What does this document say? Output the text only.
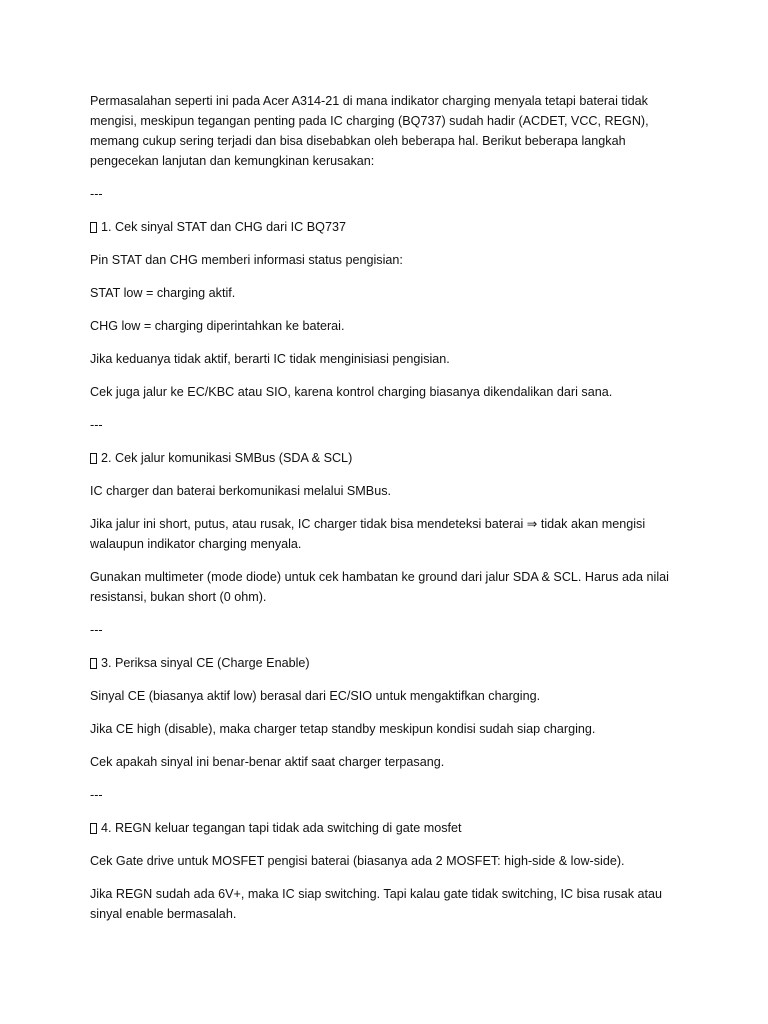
Permasalahan seperti ini pada Acer A314-21 di mana indikator charging menyala tetapi baterai tidak mengisi, meskipun tegangan penting pada IC charging (BQ737) sudah hadir (ACDET, VCC, REGN), memang cukup sering terjadi dan bisa disebabkan oleh beberapa hal. Berikut beberapa langkah pengecekan lanjutan dan kemungkinan kerusakan:

---
1. Cek sinyal STAT dan CHG dari IC BQ737

Pin STAT dan CHG memberi informasi status pengisian:

STAT low = charging aktif.

CHG low = charging diperintahkan ke baterai.

Jika keduanya tidak aktif, berarti IC tidak menginisiasi pengisian.

Cek juga jalur ke EC/KBC atau SIO, karena kontrol charging biasanya dikendalikan dari sana.

---
2. Cek jalur komunikasi SMBus (SDA & SCL)

IC charger dan baterai berkomunikasi melalui SMBus.

Jika jalur ini short, putus, atau rusak, IC charger tidak bisa mendeteksi baterai ⇒ tidak akan mengisi walaupun indikator charging menyala.

Gunakan multimeter (mode diode) untuk cek hambatan ke ground dari jalur SDA & SCL. Harus ada nilai resistansi, bukan short (0 ohm).

---
3. Periksa sinyal CE (Charge Enable)

Sinyal CE (biasanya aktif low) berasal dari EC/SIO untuk mengaktifkan charging.

Jika CE high (disable), maka charger tetap standby meskipun kondisi sudah siap charging.

Cek apakah sinyal ini benar-benar aktif saat charger terpasang.

---
4. REGN keluar tegangan tapi tidak ada switching di gate mosfet

Cek Gate drive untuk MOSFET pengisi baterai (biasanya ada 2 MOSFET: high-side & low-side).

Jika REGN sudah ada 6V+, maka IC siap switching. Tapi kalau gate tidak switching, IC bisa rusak atau sinyal enable bermasalah.
